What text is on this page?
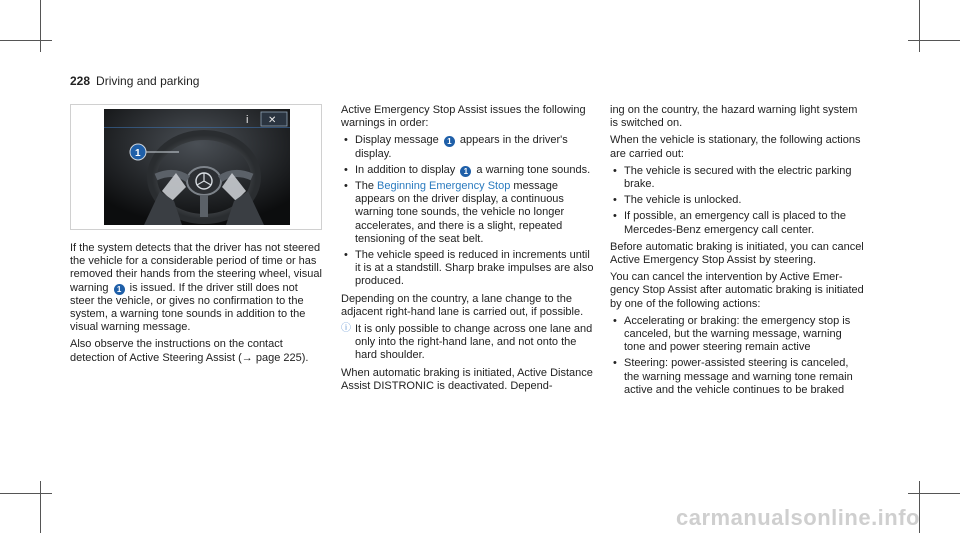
228 Driving and parking
i ✕
1

If the system detects that the driver has not steered the vehicle for a considerable period of time or has removed their hands from the steering wheel, visual warning 1 is issued. If the driver still does not steer the vehicle, or gives no confirmation to the system, a warning tone sounds in addition to the visual warning message.

Also observe the instructions on the contact detection of Active Steering Assist (→ page 225).

Active Emergency Stop Assist issues the following warnings in order:

• Display message 1 appears in the driver's display.
• In addition to display 1 a warning tone sounds.
• The Beginning Emergency Stop message appears on the driver display, a continuous warning tone sounds, the vehicle no longer accelerates, and there is a slight, repeated tensioning of the seat belt.
• The vehicle speed is reduced in increments until it is at a standstill. Sharp brake impulses are also produced.

Depending on the country, a lane change to the adjacent right-hand lane is carried out, if possible.

ⓘ It is only possible to change across one lane and only into the right-hand lane, and not onto the hard shoulder.

When automatic braking is initiated, Active Distance Assist DISTRONIC is deactivated. Depend-

ing on the country, the hazard warning light system is switched on.

When the vehicle is stationary, the following actions are carried out:

• The vehicle is secured with the electric parking brake.
• The vehicle is unlocked.
• If possible, an emergency call is placed to the Mercedes-Benz emergency call center.

Before automatic braking is initiated, you can cancel Active Emergency Stop Assist by steering.

You can cancel the intervention by Active Emergency Stop Assist after automatic braking is initiated by one of the following actions:

• Accelerating or braking: the emergency stop is canceled, but the warning message, warning tone and power steering remain active
• Steering: power-assisted steering is canceled, the warning message and warning tone remain active and the vehicle continues to be braked
carmanualsonline.info
